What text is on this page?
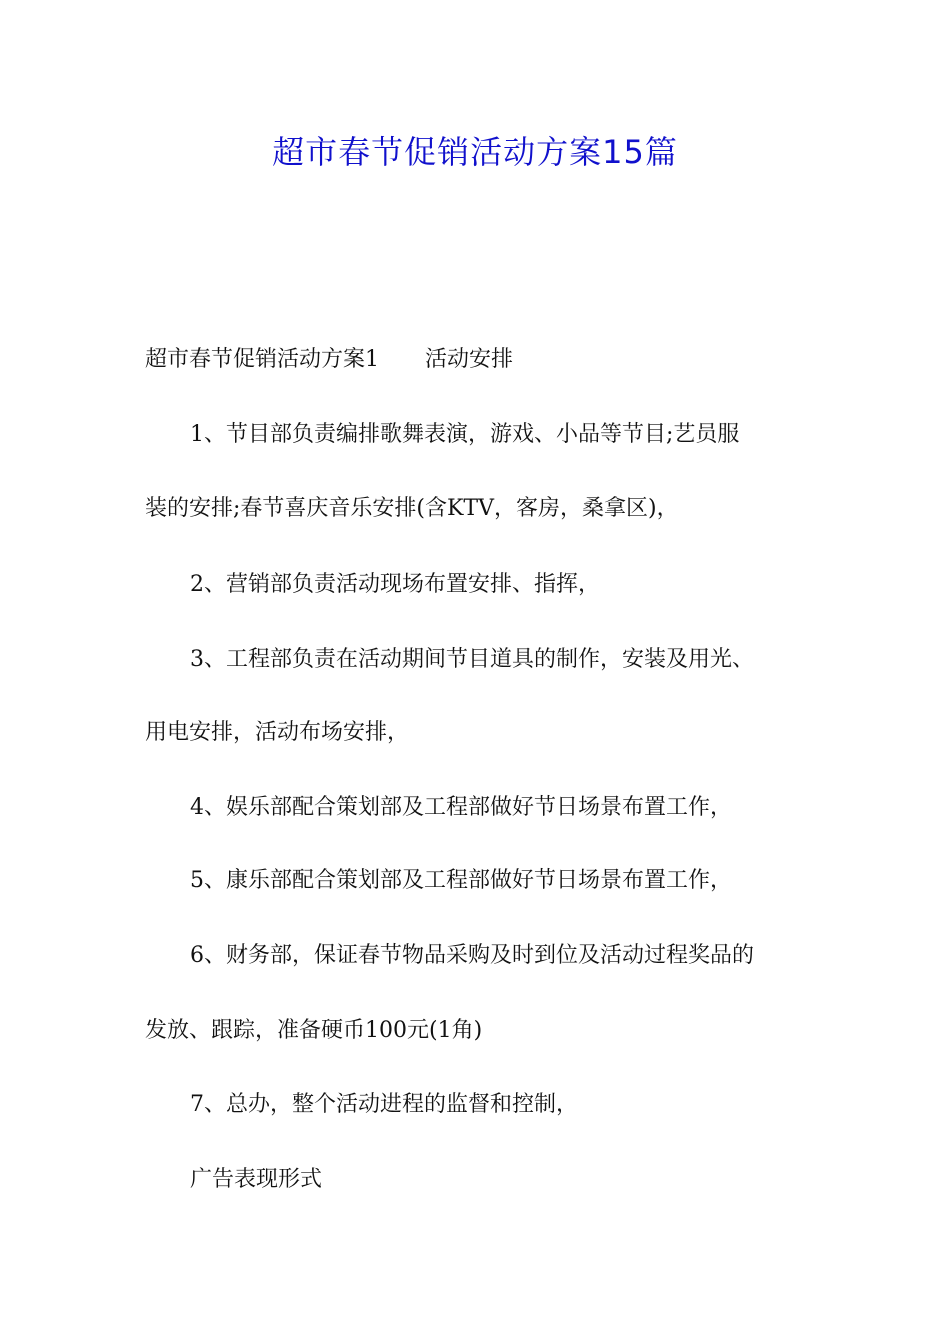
超市春节促销活动方案15篇

超市春节促销活动方案1 活动安排

1、节目部负责编排歌舞表演，游戏、小品等节目;艺员服

装的安排;春节喜庆音乐安排(含KTV，客房，桑拿区)，

2、营销部负责活动现场布置安排、指挥，

3、工程部负责在活动期间节目道具的制作，安装及用光、

用电安排，活动布场安排，

4、娱乐部配合策划部及工程部做好节日场景布置工作，

5、康乐部配合策划部及工程部做好节日场景布置工作，

6、财务部，保证春节物品采购及时到位及活动过程奖品的

发放、跟踪，准备硬币100元(1角)

7、总办，整个活动进程的监督和控制，

广告表现形式
